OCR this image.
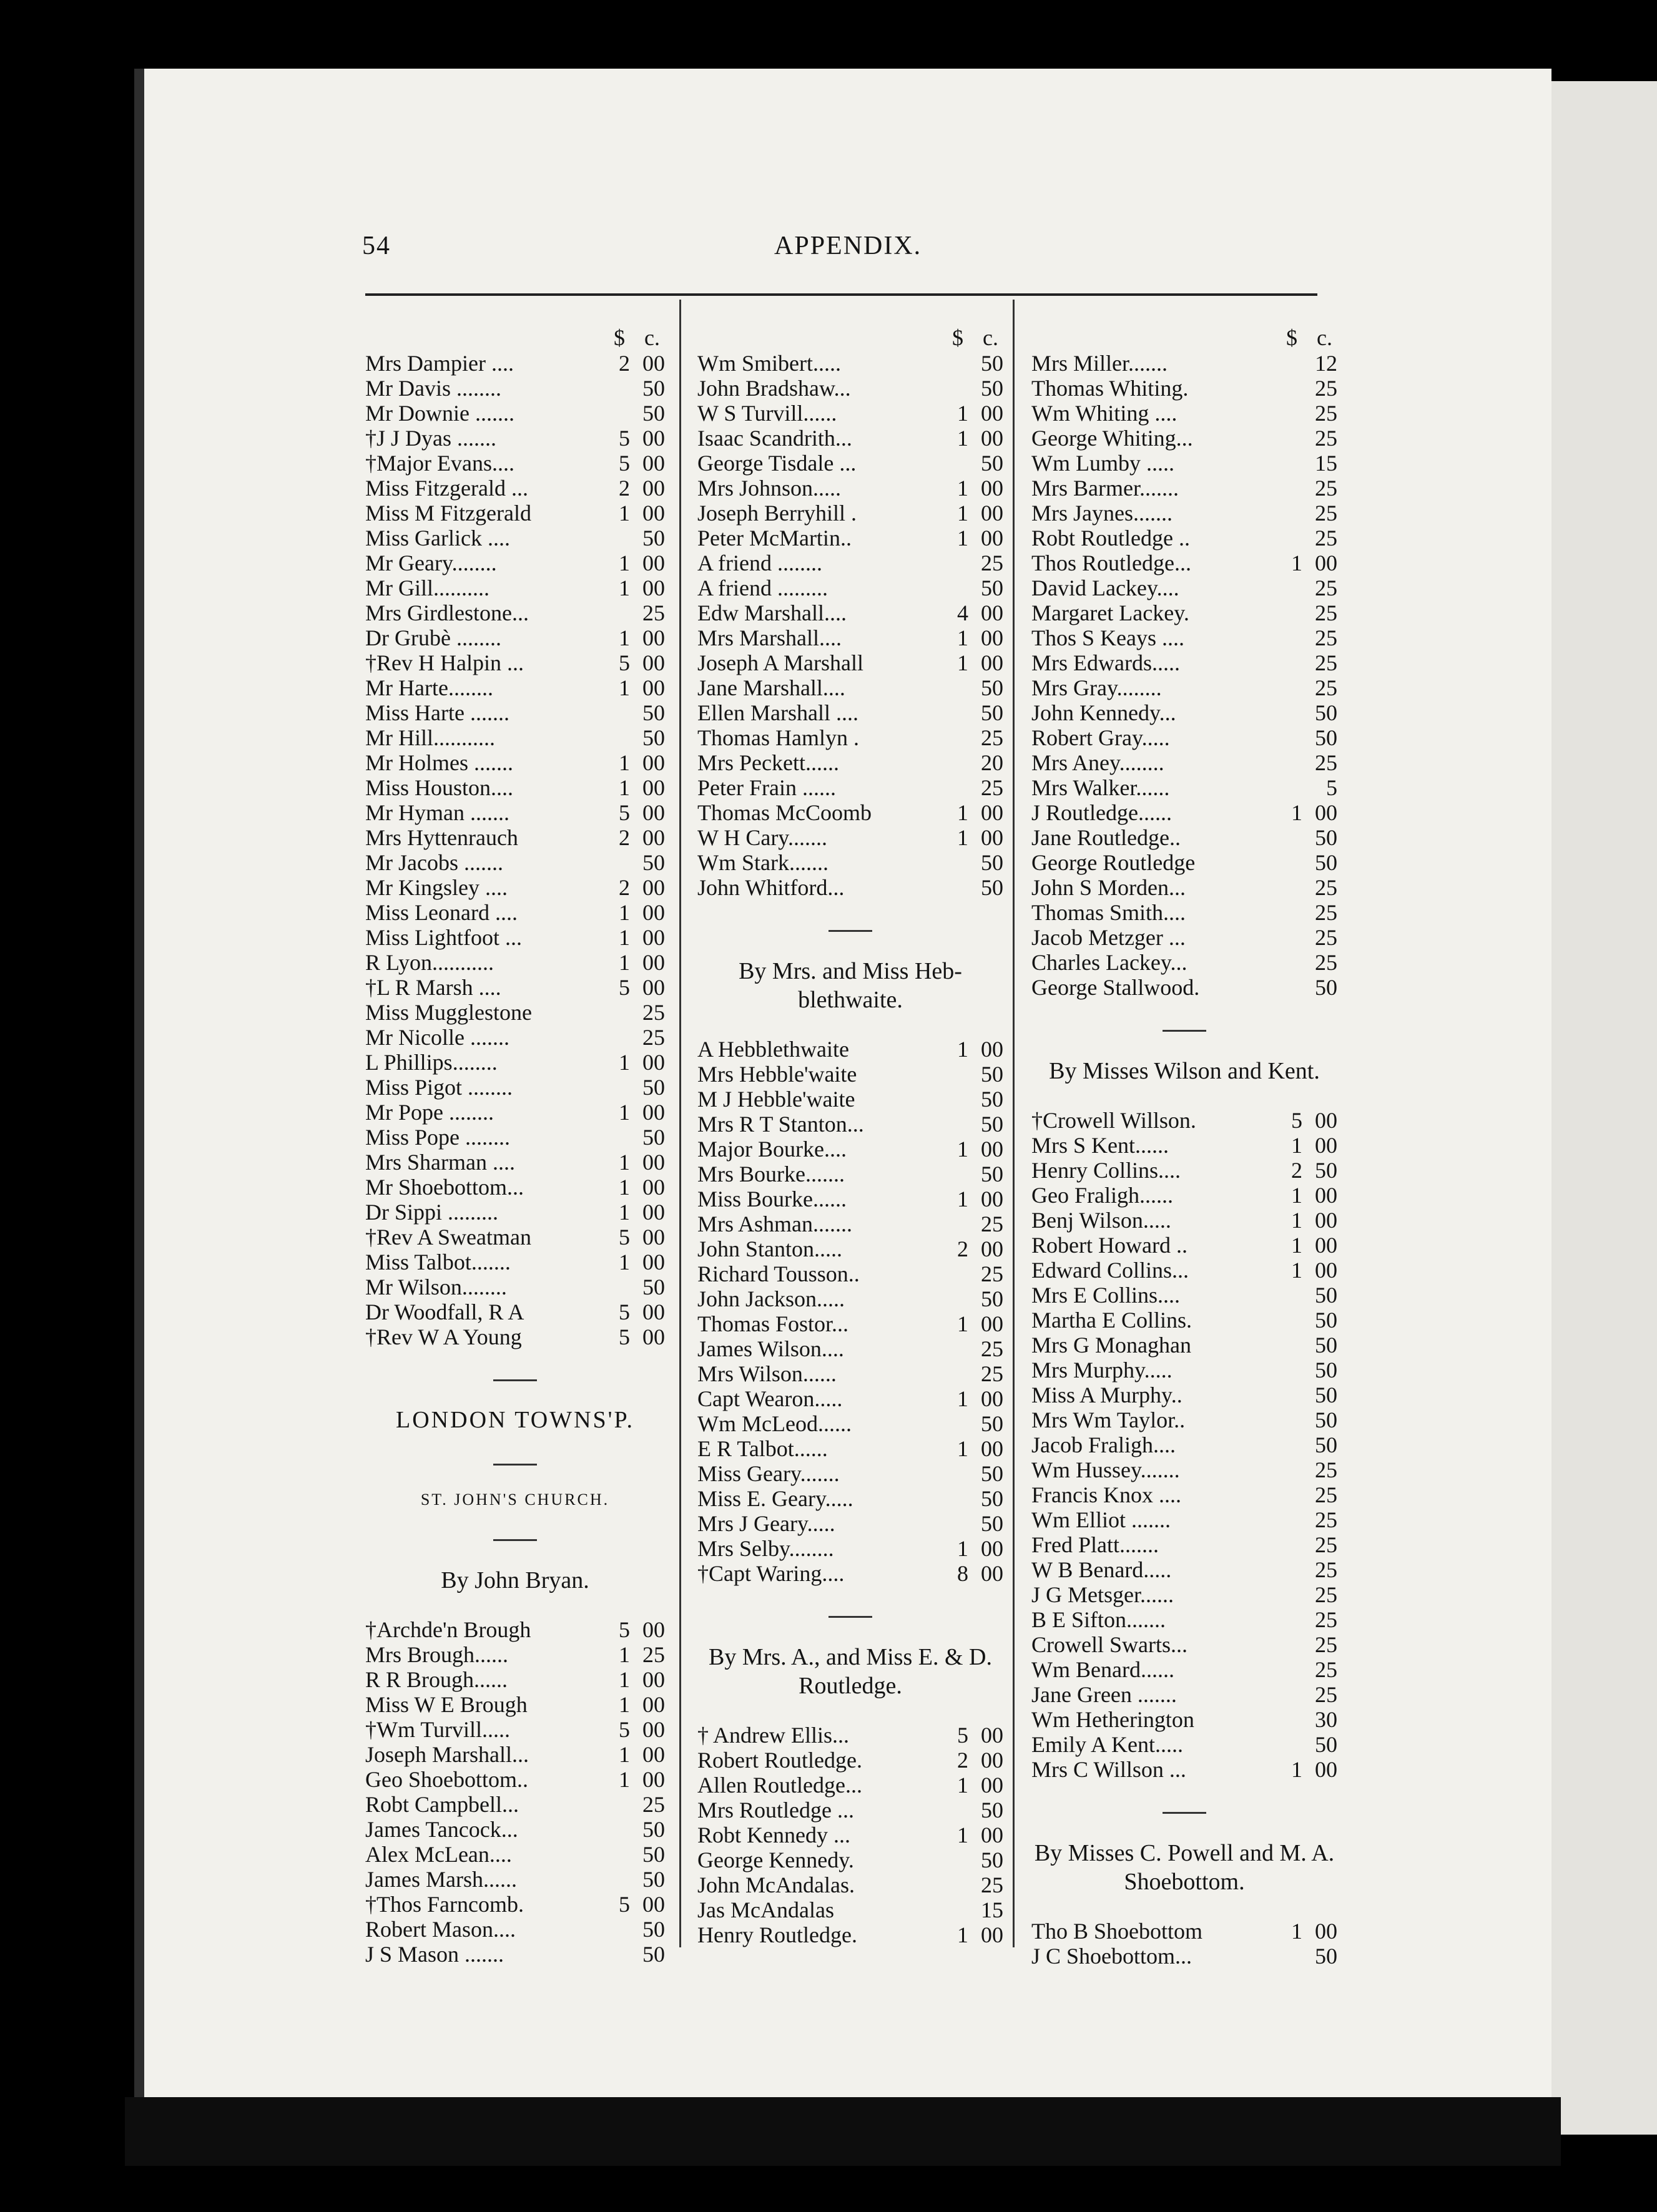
54	APPENDIX.
$ c.
Mrs Dampier ....	2 00
Mr Davis ........	50
Mr Downie .......	50
†J J Dyas .......	5 00
†Major Evans....	5 00
Miss Fitzgerald ...	2 00
Miss M Fitzgerald	1 00
Miss Garlick ....	50
Mr Geary........	1 00
Mr Gill..........	1 00
Mrs Girdlestone...	25
Dr Grubè ........	1 00
†Rev H Halpin ...	5 00
Mr Harte........	1 00
Miss Harte .......	50
Mr Hill...........	50
Mr Holmes .......	1 00
Miss Houston....	1 00
Mr Hyman .......	5 00
Mrs Hyttenrauch	2 00
Mr Jacobs .......	50
Mr Kingsley ....	2 00
Miss Leonard ....	1 00
Miss Lightfoot ...	1 00
R Lyon...........	1 00
†L R Marsh ....	5 00
Miss Mugglestone	25
Mr Nicolle .......	25
L Phillips........	1 00
Miss Pigot ........	50
Mr Pope ........	1 00
Miss Pope ........	50
Mrs Sharman ....	1 00
Mr Shoebottom...	1 00
Dr Sippi .........	1 00
†Rev A Sweatman	5 00
Miss Talbot.......	1 00
Mr Wilson........	50
Dr Woodfall, R A	5 00
†Rev W A Young	5 00
LONDON TOWNS'P.
ST. JOHN'S CHURCH.
By John Bryan.
†Archde'n Brough	5 00
Mrs Brough......	1 25
R R Brough......	1 00
Miss W E Brough	1 00
†Wm Turvill.....	5 00
Joseph Marshall...	1 00
Geo Shoebottom..	1 00
Robt Campbell...	25
James Tancock...	50
Alex McLean....	50
James Marsh......	50
†Thos Farncomb.	5 00
Robert Mason....	50
J S Mason .......	50
$ c.
Wm Smibert.....	50
John Bradshaw...	50
W S Turvill......	1 00
Isaac Scandrith...	1 00
George Tisdale ...	50
Mrs Johnson.....	1 00
Joseph Berryhill .	1 00
Peter McMartin..	1 00
A friend ........	25
A friend .........	50
Edw Marshall....	4 00
Mrs Marshall....	1 00
Joseph A Marshall	1 00
Jane Marshall....	50
Ellen Marshall ....	50
Thomas Hamlyn .	25
Mrs Peckett......	20
Peter Frain ......	25
Thomas McCoomb	1 00
W H Cary.......	1 00
Wm Stark.......	50
John Whitford...	50
By Mrs. and Miss Heb-blethwaite.
A Hebblethwaite	1 00
Mrs Hebble'waite	50
M J Hebble'waite	50
Mrs R T Stanton...	50
Major Bourke....	1 00
Mrs Bourke.......	50
Miss Bourke......	1 00
Mrs Ashman.......	25
John Stanton.....	2 00
Richard Tousson..	25
John Jackson.....	50
Thomas Fostor...	1 00
James Wilson....	25
Mrs Wilson......	25
Capt Wearon.....	1 00
Wm McLeod......	50
E R Talbot......	1 00
Miss Geary.......	50
Miss E. Geary.....	50
Mrs J Geary.....	50
Mrs Selby........	1 00
†Capt Waring....	8 00
By Mrs. A., and Miss E. & D. Routledge.
† Andrew Ellis...	5 00
Robert Routledge.	2 00
Allen Routledge...	1 00
Mrs Routledge ...	50
Robt Kennedy ...	1 00
George Kennedy.	50
John McAndalas.	25
Jas McAndalas	15
Henry Routledge.	1 00
$ c.
Mrs Miller.......	12
Thomas Whiting.	25
Wm Whiting ....	25
George Whiting...	25
Wm Lumby .....	15
Mrs Barmer.......	25
Mrs Jaynes.......	25
Robt Routledge ..	25
Thos Routledge...	1 00
David Lackey....	25
Margaret Lackey.	25
Thos S Keays ....	25
Mrs Edwards.....	25
Mrs Gray........	25
John Kennedy...	50
Robert Gray.....	50
Mrs Aney........	25
Mrs Walker......	5
J Routledge......	1 00
Jane Routledge..	50
George Routledge	50
John S Morden...	25
Thomas Smith....	25
Jacob Metzger ...	25
Charles Lackey...	25
George Stallwood.	50
By Misses Wilson and Kent.
†Crowell Willson.	5 00
Mrs S Kent......	1 00
Henry Collins....	2 50
Geo Fraligh......	1 00
Benj Wilson.....	1 00
Robert Howard ..	1 00
Edward Collins...	1 00
Mrs E Collins....	50
Martha E Collins.	50
Mrs G Monaghan	50
Mrs Murphy.....	50
Miss A Murphy..	50
Mrs Wm Taylor..	50
Jacob Fraligh....	50
Wm Hussey.......	25
Francis Knox ....	25
Wm Elliot .......	25
Fred Platt.......	25
W B Benard.....	25
J G Metsger......	25
B E Sifton.......	25
Crowell Swarts...	25
Wm Benard......	25
Jane Green .......	25
Wm Hetherington	30
Emily A Kent.....	50
Mrs C Willson ...	1 00
By Misses C. Powell and M. A. Shoebottom.
Tho B Shoebottom	1 00
J C Shoebottom...	50
